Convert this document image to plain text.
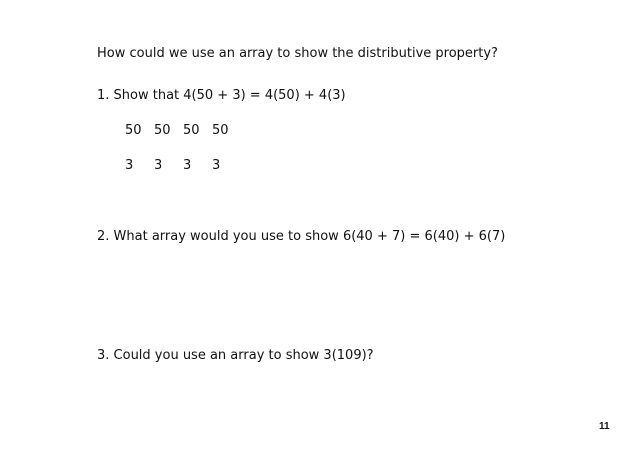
How could we use an array to show the distributive property?
1. Show that 4(50 + 3) = 4(50) + 4(3)
50 50 50 50
3	3	3	3
2. What array would you use to show 6(40 + 7) = 6(40) + 6(7)
3. Could you use an array to show 3(109)?
11
